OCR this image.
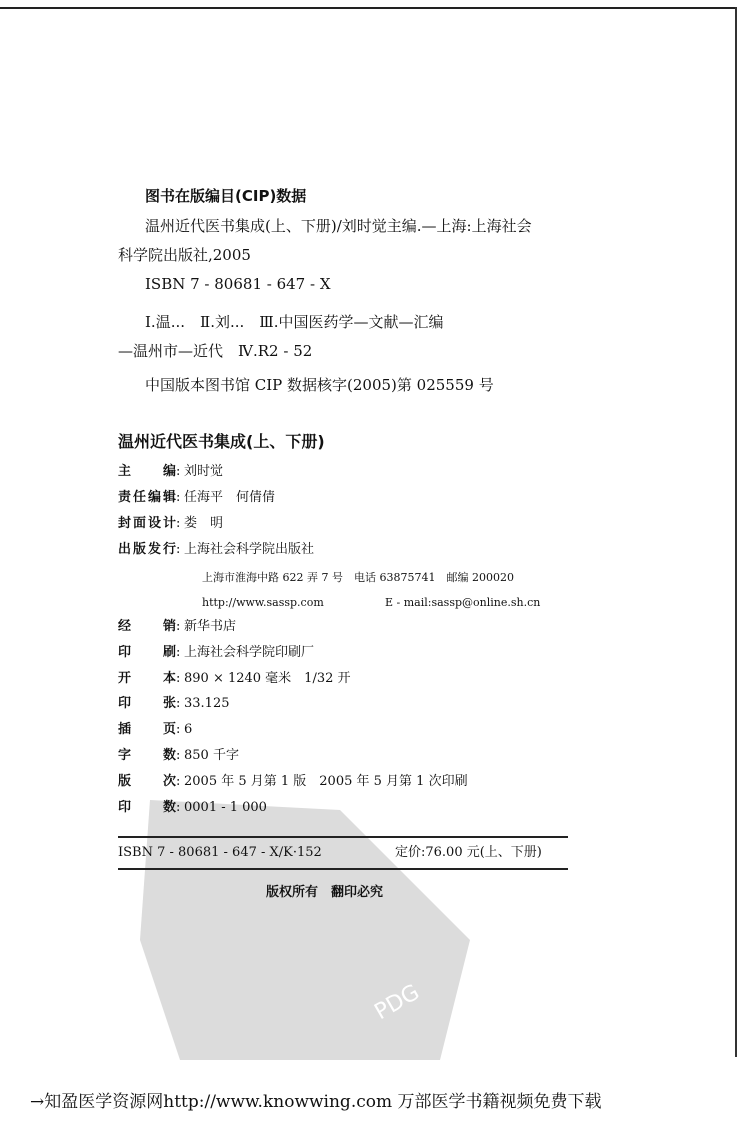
PDG
图书在版编目(CIP)数据
温州近代医书集成(上、下册)/刘时觉主编.—上海:上海社会
科学院出版社,2005
ISBN 7 - 80681 - 647 - X
Ⅰ.温...　Ⅱ.刘...　Ⅲ.中国医药学—文献—汇编
—温州市—近代　Ⅳ.R2 - 52
中国版本图书馆 CIP 数据核字(2005)第 025559 号
温州近代医书集成(上、下册)
主编: 刘时觉
责任编辑: 任海平　何倩倩
封面设计: 娄　明
出版发行: 上海社会科学院出版社
上海市淮海中路 622 弄 7 号　电话 63875741　邮编 200020
http://www.sassp.com	E - mail:sassp@online.sh.cn
经销: 新华书店
印刷: 上海社会科学院印刷厂
开本: 890 × 1240 毫米　1/32 开
印张: 33.125
插页: 6
字数: 850 千字
版次: 2005 年 5 月第 1 版　2005 年 5 月第 1 次印刷
印数: 0001 - 1 000
ISBN 7 - 80681 - 647 - X/K·152	定价:76.00 元(上、下册)
版权所有　翻印必究
→知盈医学资源网http://www.knowwing.com 万部医学书籍视频免费下载
